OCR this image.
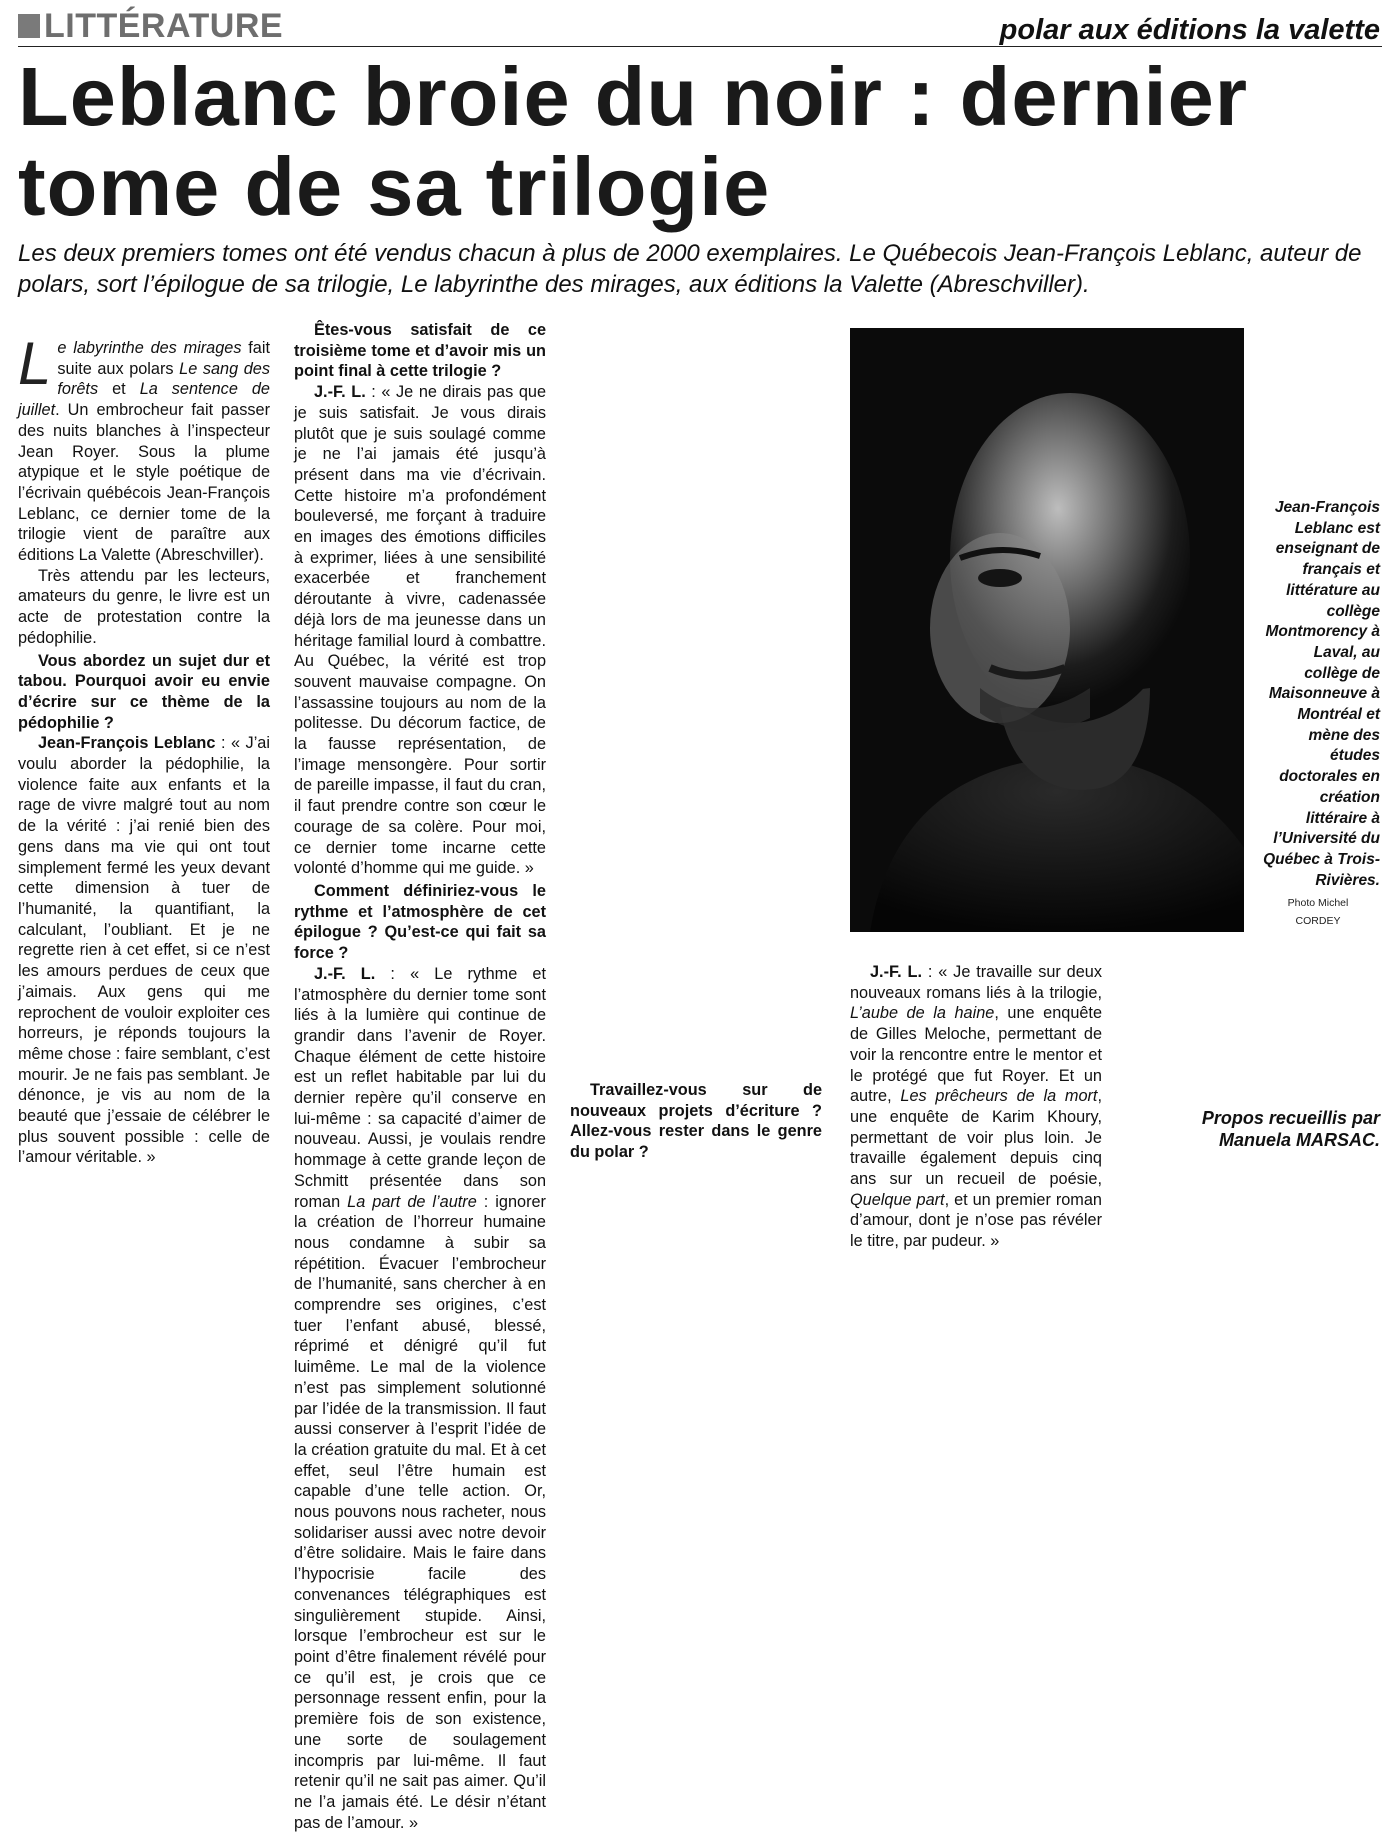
LITTÉRATURE	polar aux éditions la valette
Leblanc broie du noir : dernier tome de sa trilogie
Les deux premiers tomes ont été vendus chacun à plus de 2000 exemplaires. Le Québecois Jean-François Leblanc, auteur de polars, sort l’épilogue de sa trilogie, Le labyrinthe des mirages, aux éditions la Valette (Abreschviller).

Le labyrinthe des mirages fait suite aux polars Le sang des forêts et La sentence de juillet. Un embrocheur fait passer des nuits blanches à l’inspecteur Jean Royer. Sous la plume atypique et le style poétique de l’écrivain québécois Jean-François Leblanc, ce dernier tome de la trilogie vient de paraître aux éditions La Valette (Abreschviller).

Très attendu par les lecteurs, amateurs du genre, le livre est un acte de protestation contre la pédophilie.

Vous abordez un sujet dur et tabou. Pourquoi avoir eu envie d’écrire sur ce thème de la pédophilie ?

Jean-François Leblanc : « J’ai voulu aborder la pédophilie, la violence faite aux enfants et la rage de vivre malgré tout au nom de la vérité : j’ai renié bien des gens dans ma vie qui ont tout simplement fermé les yeux devant cette dimension à tuer de l’humanité, la quantifiant, la calculant, l’oubliant. Et je ne regrette rien à cet effet, si ce n’est les amours perdues de ceux que j’aimais. Aux gens qui me reprochent de vouloir exploiter ces horreurs, je réponds toujours la même chose : faire semblant, c’est mourir. Je ne fais pas semblant. Je dénonce, je vis au nom de la beauté que j’essaie de célébrer le plus souvent possible : celle de l’amour véritable. »

Êtes-vous satisfait de ce troisième tome et d’avoir mis un point final à cette trilogie ?

J.-F. L. : « Je ne dirais pas que je suis satisfait. Je vous dirais plutôt que je suis soulagé comme je ne l’ai jamais été jusqu’à présent dans ma vie d’écrivain. Cette histoire m’a profondément bouleversé, me forçant à traduire en images des émotions difficiles à exprimer, liées à une sensibilité exacerbée et franchement déroutante à vivre, cadenassée déjà lors de ma jeunesse dans un héritage familial lourd à combattre. Au Québec, la vérité est trop souvent mauvaise compagne. On l’assassine toujours au nom de la politesse. Du décorum factice, de la fausse représentation, de l’image mensongère. Pour sortir de pareille impasse, il faut du cran, il faut prendre contre son cœur le courage de sa colère. Pour moi, ce dernier tome incarne cette volonté d’homme qui me guide. »

Comment définiriez-vous le rythme et l’atmosphère de cet épilogue ? Qu’est-ce qui fait sa force ?

J.-F. L. : « Le rythme et l’atmosphère du dernier tome sont liés à la lumière qui continue de grandir dans l’avenir de Royer. Chaque élément de cette histoire est un reflet habitable par lui du dernier repère qu’il conserve en lui-même : sa capacité d’aimer de nouveau. Aussi, je voulais rendre hommage à cette grande leçon de Schmitt présentée dans son roman La part de l’autre : ignorer la création de l’horreur humaine nous condamne à subir sa répétition. Évacuer l’embrocheur de l’humanité, sans chercher à en comprendre ses origines, c’est tuer l’enfant abusé, blessé, réprimé et dénigré qu’il fut luimême. Le mal de la violence n’est pas simplement solutionné par l’idée de la transmission. Il faut aussi conserver à l’esprit l’idée de la création gratuite du mal. Et à cet effet, seul l’être humain est capable d’une telle action. Or, nous pouvons nous racheter, nous solidariser aussi avec notre devoir d’être solidaire. Mais le faire dans l’hypocrisie facile des convenances télégraphiques est singulièrement stupide. Ainsi, lorsque l’embrocheur est sur le point d’être finalement révélé pour ce qu’il est, je crois que ce personnage ressent enfin, pour la première fois de son existence, une sorte de soulagement incompris par lui-même. Il faut retenir qu’il ne sait pas aimer. Qu’il ne l’a jamais été. Le désir n’étant pas de l’amour. »

Travaillez-vous sur de nouveaux projets d’écriture ? Allez-vous rester dans le genre du polar ?

J.-F. L. : « Je travaille sur deux nouveaux romans liés à la trilogie, L’aube de la haine, une enquête de Gilles Meloche, permettant de voir la rencontre entre le mentor et le protégé que fut Royer. Et un autre, Les prêcheurs de la mort, une enquête de Karim Khoury, permettant de voir plus loin. Je travaille également depuis cinq ans sur un recueil de poésie, Quelque part, et un premier roman d’amour, dont je n’ose pas révéler le titre, par pudeur. »

Jean-François Leblanc est enseignant de français et littérature au collège Montmorency à Laval, au collège de Maisonneuve à Montréal et mène des études doctorales en création littéraire à l’Université du Québec à Trois-Rivières.
Photo Michel
CORDEY
Propos recueillis par
Manuela MARSAC.
